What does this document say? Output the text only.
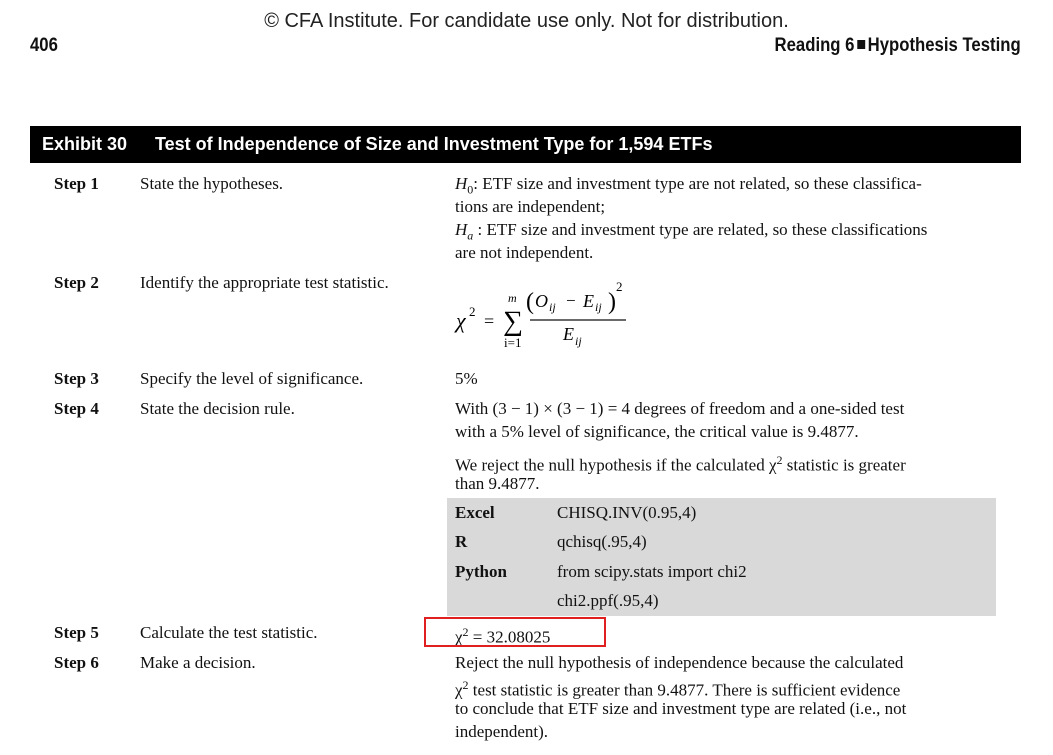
© CFA Institute. For candidate use only. Not for distribution.
406	Reading 6 Hypothesis Testing
Exhibit 30 Test of Independence of Size and Investment Type for 1,594 ETFs
Step 1 State the hypotheses.	$H_0$: ETF size and investment type are not related, so these classifica-
tions are independent;
$H_a$ : ETF size and investment type are related, so these classifications
are not independent.
Step 2 Identify the appropriate test statistic.
χ 2 =
m
∑
i=1
( O ij − E ij )
2
E ij
Step 3 Specify the level of significance.	5%
Step 4 State the decision rule.	With (3 − 1) × (3 − 1) = 4 degrees of freedom and a one-sided test
with a 5% level of significance, the critical value is 9.4877.
We reject the null hypothesis if the calculated $\chi^2$ statistic is greater
than 9.4877.
Excel	CHISQ.INV(0.95,4)
R	qchisq(.95,4)
Python	from scipy.stats import chi2
chi2.ppf(.95,4)
Step 5 Calculate the test statistic.	$\chi^2 = 32.08025$
Step 6 Make a decision.	Reject the null hypothesis of independence because the calculated
$\chi^2$ test statistic is greater than 9.4877. There is sufficient evidence
to conclude that ETF size and investment type are related (i.e., not
independent).
